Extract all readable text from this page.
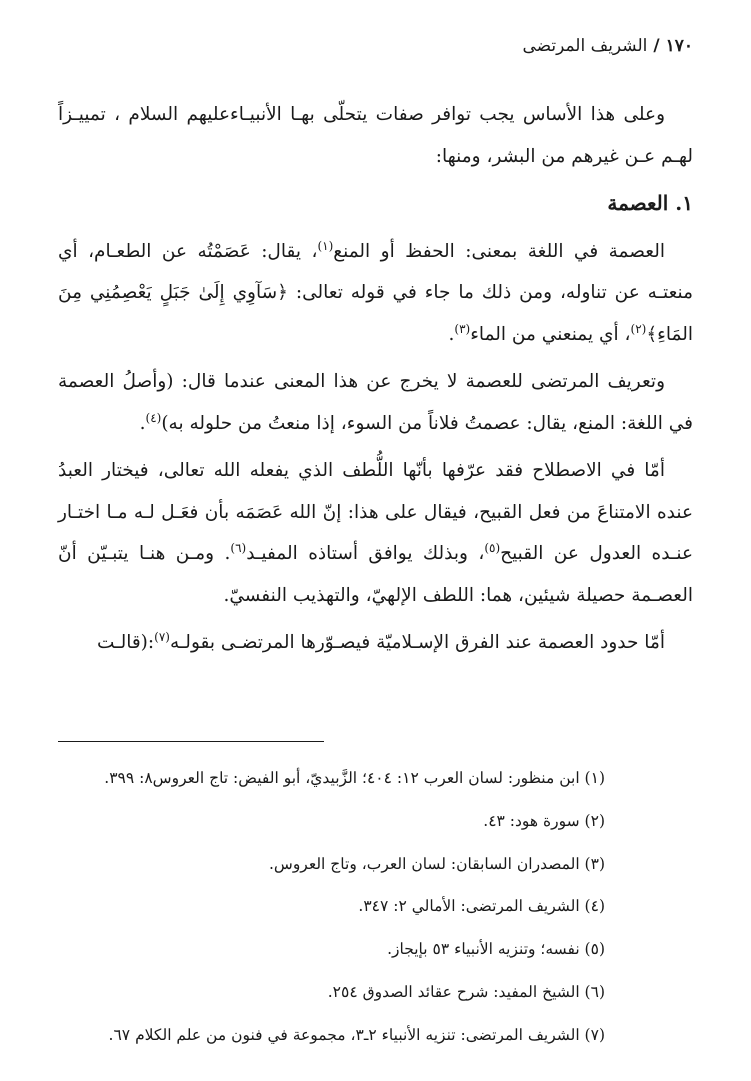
١٧٠
/
الشريف المرتضى

وعلى هذا الأساس يجب توافر صفات يتحلّى بهـا الأنبيـاءعليهم السلام ، تمييـزاً لهـم عـن غيرهم من البشر، ومنها:

١. العصمة

العصمة في اللغة بمعنى: الحفظ أو المنع$^{(١)}$، يقال: عَصَمْتُه عن الطعـام، أي منعتـه عن تناوله، ومن ذلك ما جاء في قوله تعالى: ﴿سَآوِي إِلَىٰ جَبَلٍ يَعْصِمُنِي مِنَ المَاءِ﴾$^{(٢)}$، أي يمنعني من الماء$^{(٣)}$.

وتعريف المرتضى للعصمة لا يخرج عن هذا المعنى عندما قال: (وأصلُ العصمة في اللغة: المنع، يقال: عصمتُ فلاناً من السوء، إذا منعتُ من حلوله به)$^{(٤)}$.

أمّا في الاصطلاح فقد عرّفها بأنّها اللُّطف الذي يفعله الله تعالى، فيختار العبدُ عنده الامتناعَ من فعل القبيح، فيقال على هذا: إنّ الله عَصَمَه بأن فعَـل لـه مـا اختـار عنـده العدول عن القبيح$^{(٥)}$، وبذلك يوافق أستاذه المفيـد$^{(٦)}$. ومـن هنـا يتبـيّن أنّ العصـمة حصيلة شيئين، هما: اللطف الإلهيّ، والتهذيب النفسيّ.

أمّا حدود العصمة عند الفرق الإسـلاميّة فيصـوّرها المرتضـى بقولـه$^{(٧)}$:(قالـت

(١) ابن منظور: لسان العرب ١٢: ٤٠٤؛ الزَّبيديّ، أبو الفيض: تاج العروس٨: ٣٩٩.
(٢) سورة هود: ٤٣.
(٣) المصدران السابقان: لسان العرب، وتاج العروس.
(٤) الشريف المرتضى: الأمالي ٢: ٣٤٧.
(٥) نفسه؛ وتنزيه الأنبياء ٥٣ بإيجاز.
(٦) الشيخ المفيد: شرح عقائد الصدوق ٢٥٤.
(٧) الشريف المرتضى: تنزيه الأنبياء ٢ـ٣، مجموعة في فنون من علم الكلام ٦٧.
